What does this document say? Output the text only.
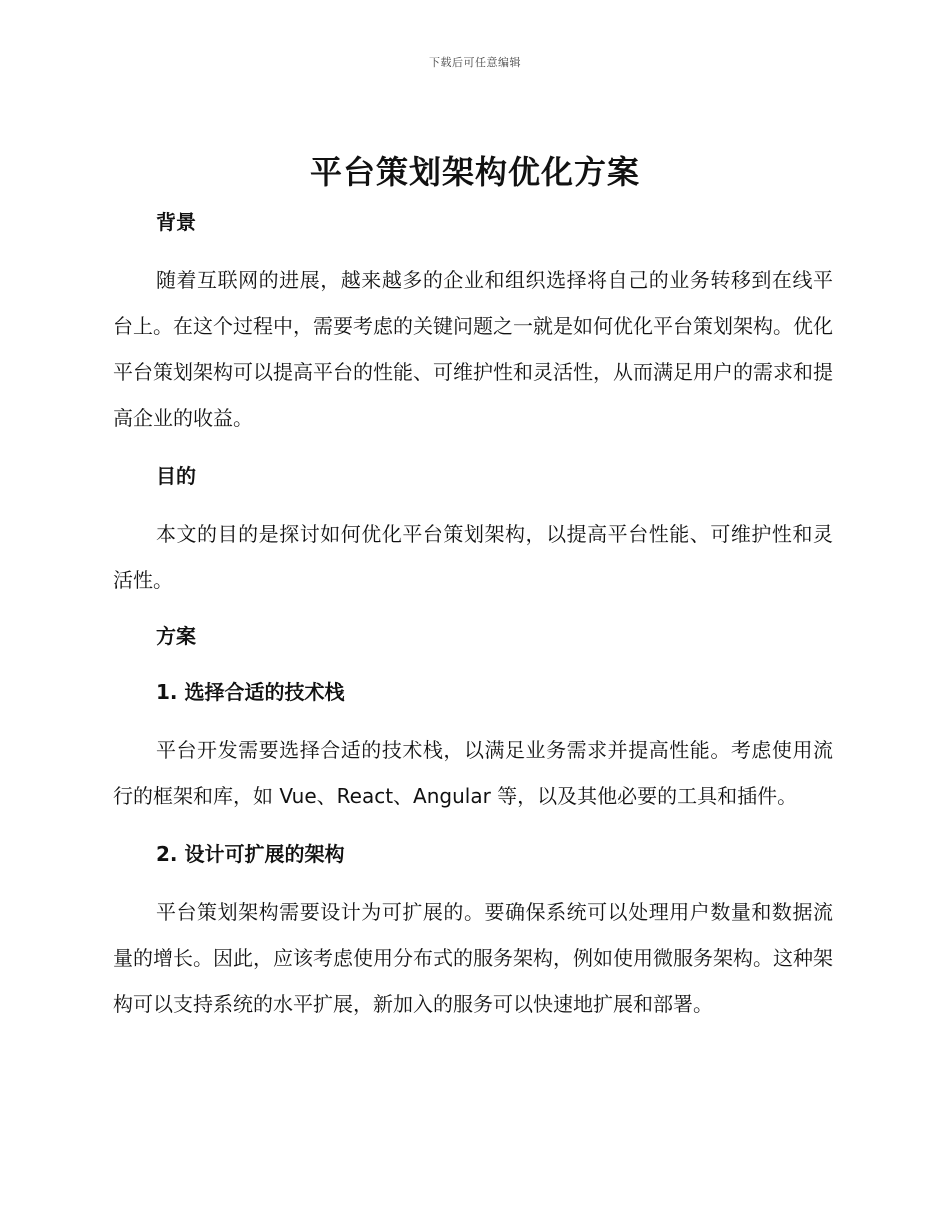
下载后可任意编辑
平台策划架构优化方案
背景

随着互联网的进展，越来越多的企业和组织选择将自己的业务转移到在线平台上。在这个过程中，需要考虑的关键问题之一就是如何优化平台策划架构。优化平台策划架构可以提高平台的性能、可维护性和灵活性，从而满足用户的需求和提高企业的收益。

目的

本文的目的是探讨如何优化平台策划架构，以提高平台性能、可维护性和灵活性。

方案
1. 选择合适的技术栈

平台开发需要选择合适的技术栈，以满足业务需求并提高性能。考虑使用流行的框架和库，如 Vue、React、Angular 等，以及其他必要的工具和插件。

2. 设计可扩展的架构

平台策划架构需要设计为可扩展的。要确保系统可以处理用户数量和数据流量的增长。因此，应该考虑使用分布式的服务架构，例如使用微服务架构。这种架构可以支持系统的水平扩展，新加入的服务可以快速地扩展和部署。
